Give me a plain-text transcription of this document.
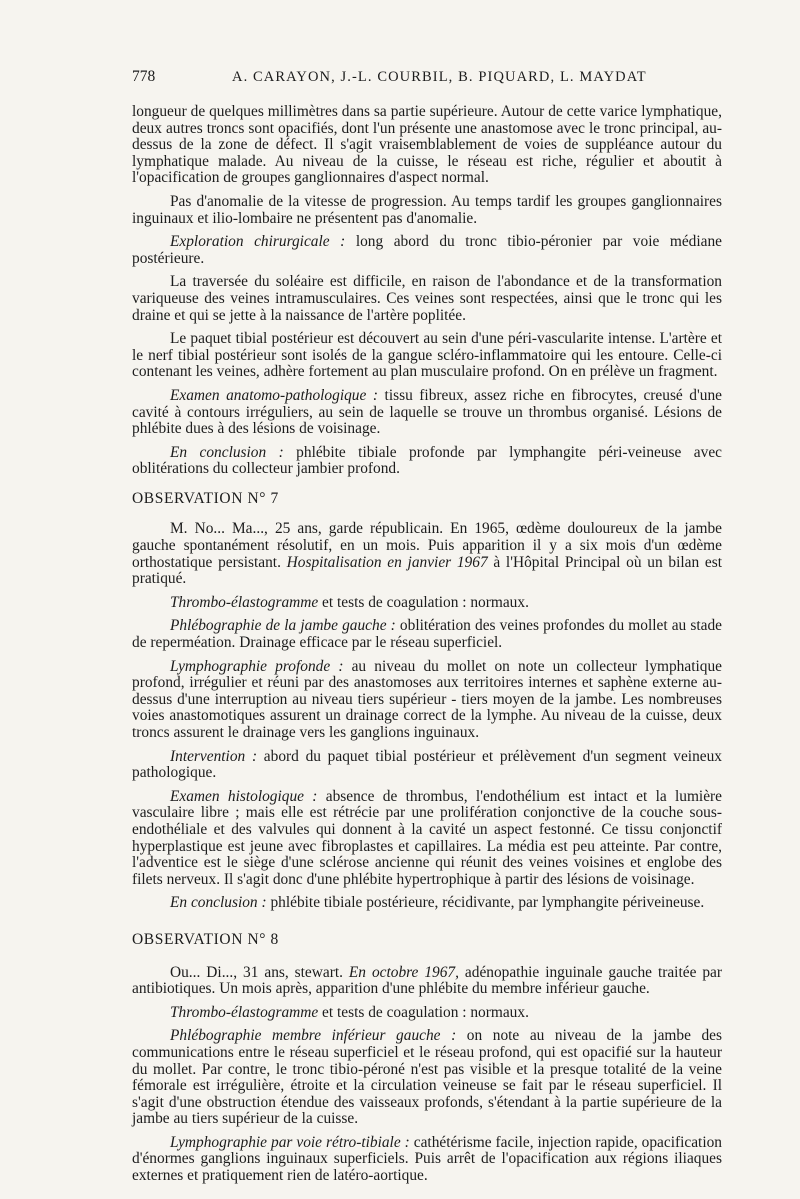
778	A. CARAYON, J.-L. COURBIL, B. PIQUARD, L. MAYDAT

longueur de quelques millimètres dans sa partie supérieure. Autour de cette varice lymphatique, deux autres troncs sont opacifiés, dont l'un présente une anastomose avec le tronc principal, au-dessus de la zone de défect. Il s'agit vraisemblablement de voies de suppléance autour du lymphatique malade. Au niveau de la cuisse, le réseau est riche, régulier et aboutit à l'opacification de groupes ganglionnaires d'aspect normal.

Pas d'anomalie de la vitesse de progression. Au temps tardif les groupes ganglionnaires inguinaux et ilio-lombaire ne présentent pas d'anomalie.

Exploration chirurgicale : long abord du tronc tibio-péronier par voie médiane postérieure.

La traversée du soléaire est difficile, en raison de l'abondance et de la transformation variqueuse des veines intramusculaires. Ces veines sont respectées, ainsi que le tronc qui les draine et qui se jette à la naissance de l'artère poplitée.

Le paquet tibial postérieur est découvert au sein d'une péri-vascularite intense. L'artère et le nerf tibial postérieur sont isolés de la gangue scléro-inflammatoire qui les entoure. Celle-ci contenant les veines, adhère fortement au plan musculaire profond. On en prélève un fragment.

Examen anatomo-pathologique : tissu fibreux, assez riche en fibrocytes, creusé d'une cavité à contours irréguliers, au sein de laquelle se trouve un thrombus organisé. Lésions de phlébite dues à des lésions de voisinage.

En conclusion : phlébite tibiale profonde par lymphangite péri-veineuse avec oblitérations du collecteur jambier profond.

OBSERVATION N° 7

M. No... Ma..., 25 ans, garde républicain. En 1965, œdème douloureux de la jambe gauche spontanément résolutif, en un mois. Puis apparition il y a six mois d'un œdème orthostatique persistant. Hospitalisation en janvier 1967 à l'Hôpital Principal où un bilan est pratiqué.

Thrombo-élastogramme et tests de coagulation : normaux.

Phlébographie de la jambe gauche : oblitération des veines profondes du mollet au stade de reperméation. Drainage efficace par le réseau superficiel.

Lymphographie profonde : au niveau du mollet on note un collecteur lymphatique profond, irrégulier et réuni par des anastomoses aux territoires internes et saphène externe au-dessus d'une interruption au niveau tiers supérieur - tiers moyen de la jambe. Les nombreuses voies anastomotiques assurent un drainage correct de la lymphe. Au niveau de la cuisse, deux troncs assurent le drainage vers les ganglions inguinaux.

Intervention : abord du paquet tibial postérieur et prélèvement d'un segment veineux pathologique.

Examen histologique : absence de thrombus, l'endothélium est intact et la lumière vasculaire libre ; mais elle est rétrécie par une prolifération conjonctive de la couche sous-endothéliale et des valvules qui donnent à la cavité un aspect festonné. Ce tissu conjonctif hyperplastique est jeune avec fibroplastes et capillaires. La média est peu atteinte. Par contre, l'adventice est le siège d'une sclérose ancienne qui réunit des veines voisines et englobe des filets nerveux. Il s'agit donc d'une phlébite hypertrophique à partir des lésions de voisinage.

En conclusion : phlébite tibiale postérieure, récidivante, par lymphangite périveineuse.

OBSERVATION N° 8

Ou... Di..., 31 ans, stewart. En octobre 1967, adénopathie inguinale gauche traitée par antibiotiques. Un mois après, apparition d'une phlébite du membre inférieur gauche.

Thrombo-élastogramme et tests de coagulation : normaux.

Phlébographie membre inférieur gauche : on note au niveau de la jambe des communications entre le réseau superficiel et le réseau profond, qui est opacifié sur la hauteur du mollet. Par contre, le tronc tibio-péroné n'est pas visible et la presque totalité de la veine fémorale est irrégulière, étroite et la circulation veineuse se fait par le réseau superficiel. Il s'agit d'une obstruction étendue des vaisseaux profonds, s'étendant à la partie supérieure de la jambe au tiers supérieur de la cuisse.

Lymphographie par voie rétro-tibiale : cathétérisme facile, injection rapide, opacification d'énormes ganglions inguinaux superficiels. Puis arrêt de l'opacification aux régions iliaques externes et pratiquement rien de latéro-aortique.
